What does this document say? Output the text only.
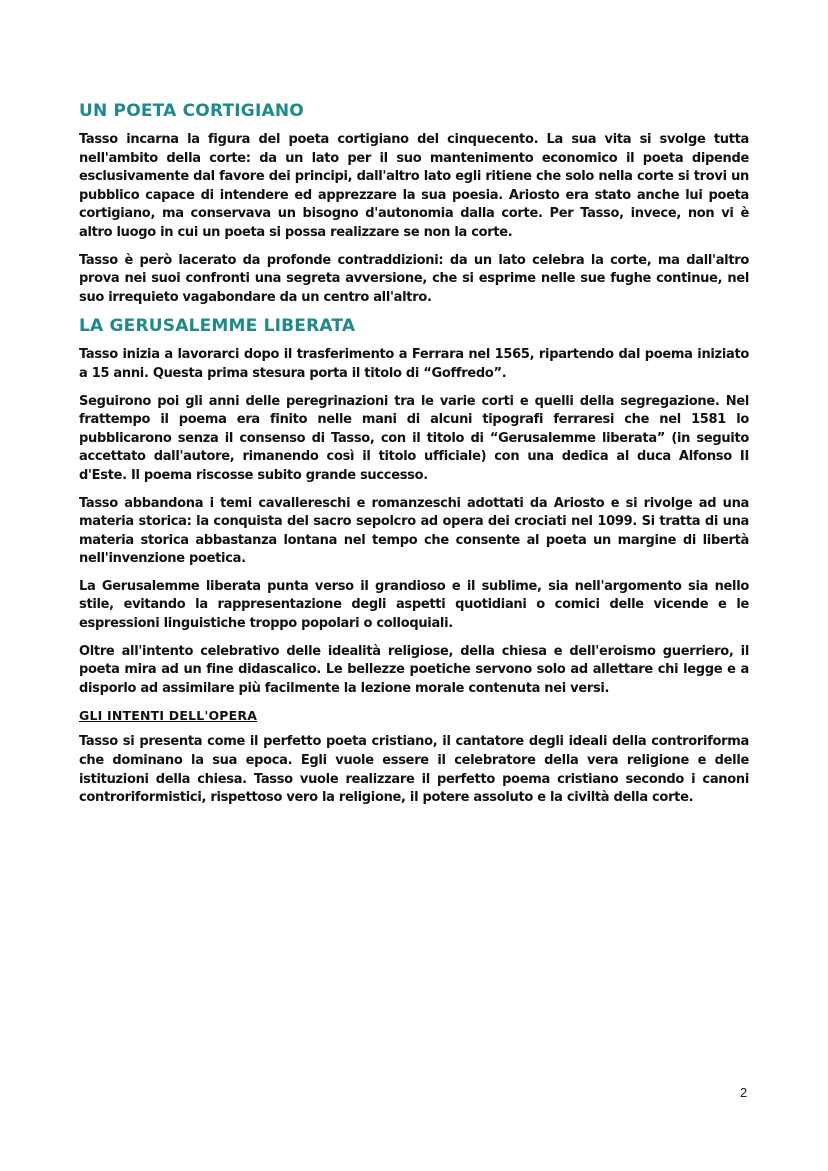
UN POETA CORTIGIANO

Tasso incarna la figura del poeta cortigiano del cinquecento. La sua vita si svolge tutta nell'ambito della corte: da un lato per il suo mantenimento economico il poeta dipende esclusivamente dal favore dei principi, dall'altro lato egli ritiene che solo nella corte si trovi un pubblico capace di intendere ed apprezzare la sua poesia. Ariosto era stato anche lui poeta cortigiano, ma conservava un bisogno d'autonomia dalla corte. Per Tasso, invece, non vi è altro luogo in cui un poeta si possa realizzare se non la corte.

Tasso è però lacerato da profonde contraddizioni: da un lato celebra la corte, ma dall'altro prova nei suoi confronti una segreta avversione, che si esprime nelle sue fughe continue, nel suo irrequieto vagabondare da un centro all'altro.

LA GERUSALEMME LIBERATA

Tasso inizia a lavorarci dopo il trasferimento a Ferrara nel 1565, ripartendo dal poema iniziato a 15 anni. Questa prima stesura porta il titolo di “Goffredo”.

Seguirono poi gli anni delle peregrinazioni tra le varie corti e quelli della segregazione. Nel frattempo il poema era finito nelle mani di alcuni tipografi ferraresi che nel 1581 lo pubblicarono senza il consenso di Tasso, con il titolo di “Gerusalemme liberata” (in seguito accettato dall'autore, rimanendo così il titolo ufficiale) con una dedica al duca Alfonso II d'Este. Il poema riscosse subito grande successo.

Tasso abbandona i temi cavallereschi e romanzeschi adottati da Ariosto e si rivolge ad una materia storica: la conquista del sacro sepolcro ad opera dei crociati nel 1099. Si tratta di una materia storica abbastanza lontana nel tempo che consente al poeta un margine di libertà nell'invenzione poetica.

La Gerusalemme liberata punta verso il grandioso e il sublime, sia nell'argomento sia nello stile, evitando la rappresentazione degli aspetti quotidiani o comici delle vicende e le espressioni linguistiche troppo popolari o colloquiali.

Oltre all'intento celebrativo delle idealità religiose, della chiesa e dell'eroismo guerriero, il poeta mira ad un fine didascalico. Le bellezze poetiche servono solo ad allettare chi legge e a disporlo ad assimilare più facilmente la lezione morale contenuta nei versi.

GLI INTENTI DELL'OPERA

Tasso si presenta come il perfetto poeta cristiano, il cantatore degli ideali della controriforma che dominano la sua epoca. Egli vuole essere il celebratore della vera religione e delle istituzioni della chiesa. Tasso vuole realizzare il perfetto poema cristiano secondo i canoni controriformistici, rispettoso vero la religione, il potere assoluto e la civiltà della corte.

2
